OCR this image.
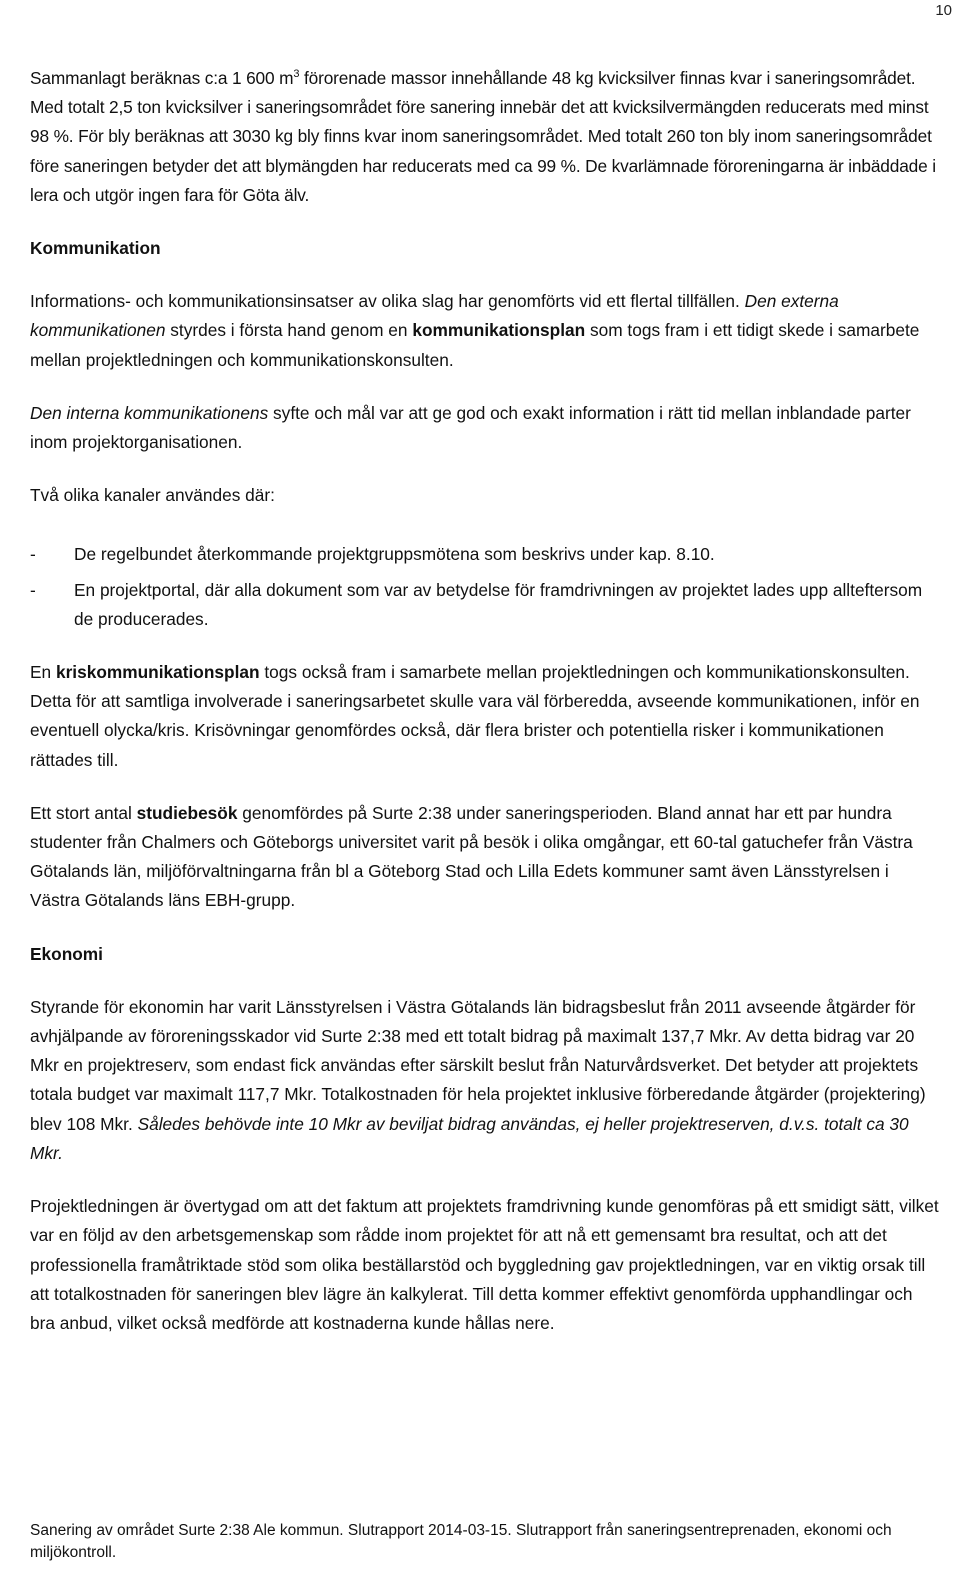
10

Sammanlagt beräknas c:a 1 600 $m^3$ förorenade massor innehållande 48 kg kvicksilver finnas kvar i saneringsområdet. Med totalt 2,5 ton kvicksilver i saneringsområdet före sanering innebär det att kvicksilvermängden reducerats med minst 98 %. För bly beräknas att 3030 kg bly finns kvar inom saneringsområdet. Med totalt 260 ton bly inom saneringsområdet före saneringen betyder det att blymängden har reducerats med ca 99 %. De kvarlämnade föroreningarna är inbäddade i lera och utgör ingen fara för Göta älv.

Kommunikation

Informations- och kommunikationsinsatser av olika slag har genomförts vid ett flertal tillfällen. Den externa kommunikationen styrdes i första hand genom en kommunikationsplan som togs fram i ett tidigt skede i samarbete mellan projektledningen och kommunikationskonsulten.

Den interna kommunikationens syfte och mål var att ge god och exakt information i rätt tid mellan inblandade parter inom projektorganisationen.

Två olika kanaler användes där:

-	De regelbundet återkommande projektgruppsmötena som beskrivs under kap. 8.10.
-	En projektportal, där alla dokument som var av betydelse för framdrivningen av projektet lades upp allteftersom de producerades.

En kriskommunikationsplan togs också fram i samarbete mellan projektledningen och kommunikationskonsulten. Detta för att samtliga involverade i saneringsarbetet skulle vara väl förberedda, avseende kommunikationen, inför en eventuell olycka/kris. Krisövningar genomfördes också, där flera brister och potentiella risker i kommunikationen rättades till.

Ett stort antal studiebesök genomfördes på Surte 2:38 under saneringsperioden. Bland annat har ett par hundra studenter från Chalmers och Göteborgs universitet varit på besök i olika omgångar, ett 60-tal gatuchefer från Västra Götalands län, miljöförvaltningarna från bl a Göteborg Stad och Lilla Edets kommuner samt även Länsstyrelsen i Västra Götalands läns EBH-grupp.

Ekonomi

Styrande för ekonomin har varit Länsstyrelsen i Västra Götalands län bidragsbeslut från 2011 avseende åtgärder för avhjälpande av föroreningsskador vid Surte 2:38 med ett totalt bidrag på maximalt 137,7 Mkr. Av detta bidrag var 20 Mkr en projektreserv, som endast fick användas efter särskilt beslut från Naturvårdsverket. Det betyder att projektets totala budget var maximalt 117,7 Mkr. Totalkostnaden för hela projektet inklusive förberedande åtgärder (projektering) blev 108 Mkr. Således behövde inte 10 Mkr av beviljat bidrag användas, ej heller projektreserven, d.v.s. totalt ca 30 Mkr.

Projektledningen är övertygad om att det faktum att projektets framdrivning kunde genomföras på ett smidigt sätt, vilket var en följd av den arbetsgemenskap som rådde inom projektet för att nå ett gemensamt bra resultat, och att det professionella framåtriktade stöd som olika beställarstöd och byggledning gav projektledningen, var en viktig orsak till att totalkostnaden för saneringen blev lägre än kalkylerat. Till detta kommer effektivt genomförda upphandlingar och bra anbud, vilket också medförde att kostnaderna kunde hållas nere.

Sanering av området Surte 2:38 Ale kommun. Slutrapport 2014-03-15. Slutrapport från saneringsentreprenaden, ekonomi och miljökontroll.
